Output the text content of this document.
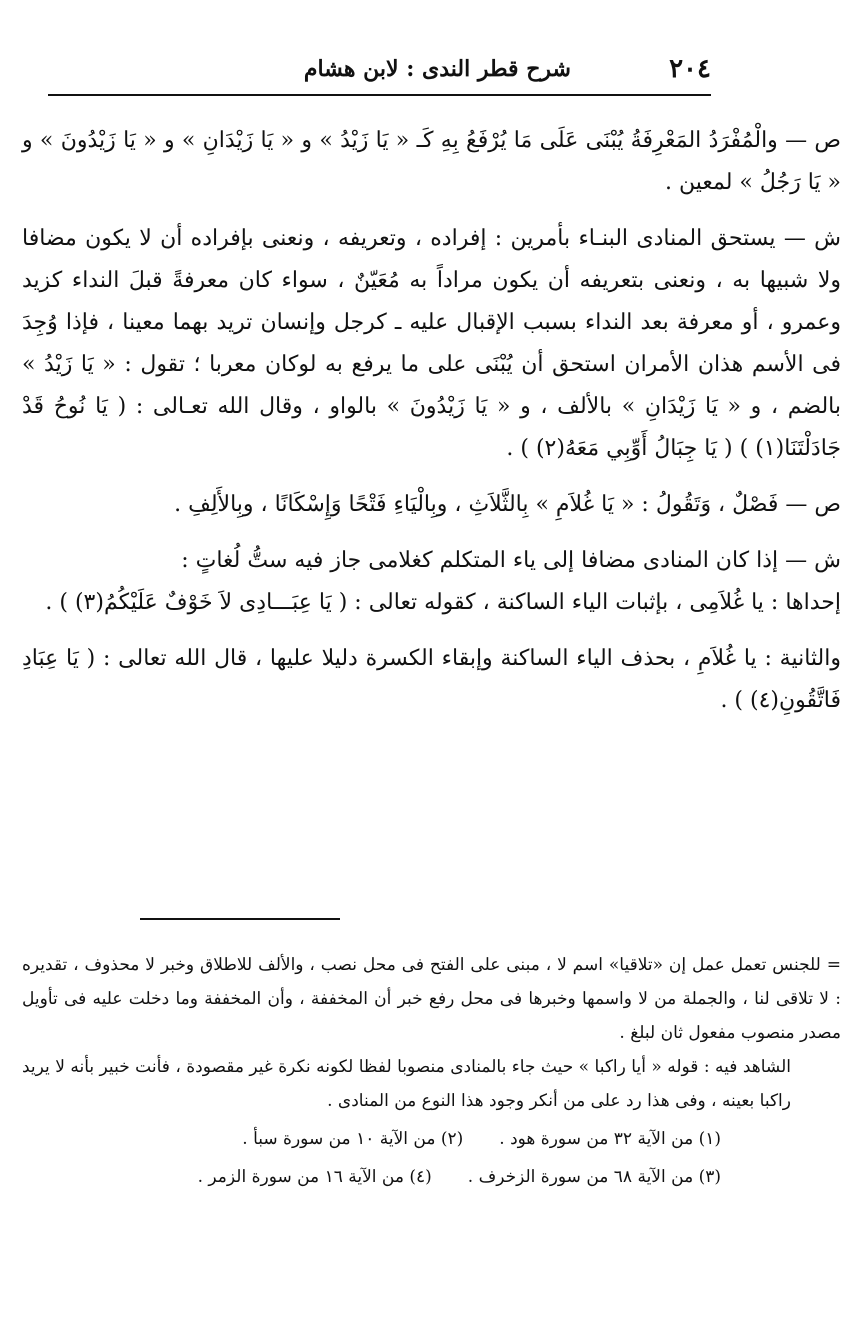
٢٠٤
شرح قطر الندى : لابن هشام

ص — والْمُفْرَدُ المَعْرِفَةُ يُبْنَى عَلَى مَا يُرْفَعُ بِهِ كَـ « يَا زَيْدُ » و « يَا زَيْدَانِ » و « يَا زَيْدُونَ » و « يَا رَجُلُ » لمعين .

ش — يستحق المنادى البنـاء بأمرين : إفراده ، وتعريفه ، ونعنى بإفراده أن لا يكون مضافا ولا شبيها به ، ونعنى بتعريفه أن يكون مراداً به مُعَيّنٌ ، سواء كان معرفةً قبلَ النداء كزيد وعمرو ، أو معرفة بعد النداء بسبب الإقبال عليه ـ كرجل وإنسان تريد بهما معينا ، فإذا وُجِدَ فى الأسم هذان الأمران استحق أن يُبْنَى على ما يرفع به لوكان معربا ؛ تقول : « يَا زَيْدُ » بالضم ، و « يَا زَيْدَانِ » بالألف ، و « يَا زَيْدُونَ » بالواو ، وقال الله تعـالى : ( يَا نُوحُ قَدْ جَادَلْتَنَا(١) ) ( يَا جِبَالُ أَوِّبِي مَعَهُ(٢) ) .

ص — فَصْلٌ ، وَتَقُولُ : « يَا غُلاَمِ » بِالثَّلاَثِ ، وبِالْيَاءِ فَتْحًا وَإِسْكَانًا ، وبِالأَلِفِ .

ش — إذا كان المنادى مضافا إلى ياء المتكلم كغلامى جاز فيه ستُّ لُغاتٍ :

إحداها : يا غُلاَمِى ، بإثبات الياء الساكنة ، كقوله تعالى : ( يَا عِبَـــادِى لاَ خَوْفٌ عَلَيْكُمُ(٣) ) .

والثانية : يا غُلاَمِ ، بحذف الياء الساكنة وإبقاء الكسرة دليلا عليها ، قال الله تعالى : ( يَا عِبَادِ فَاتَّقُونِ(٤) ) .

= للجنس تعمل عمل إن «تلاقيا» اسم لا ، مبنى على الفتح فى محل نصب ، والألف للاطلاق وخبر لا محذوف ، تقديره : لا تلاقى لنا ، والجملة من لا واسمها وخبرها فى محل رفع خبر أن المخففة ، وأن المخففة وما دخلت عليه فى تأويل مصدر منصوب مفعول ثان لبلغ .

الشاهد فيه : قوله « أيا راكبا » حيث جاء بالمنادى منصوبا لفظا لكونه نكرة غير مقصودة ، فأنت خبير بأنه لا يريد راكبا بعينه ، وفى هذا رد على من أنكر وجود هذا النوع من المنادى .

(١) من الآية ٣٢ من سورة هود .
(٢) من الآية ١٠ من سورة سبأ .
(٣) من الآية ٦٨ من سورة الزخرف .
(٤) من الآية ١٦ من سورة الزمر .
